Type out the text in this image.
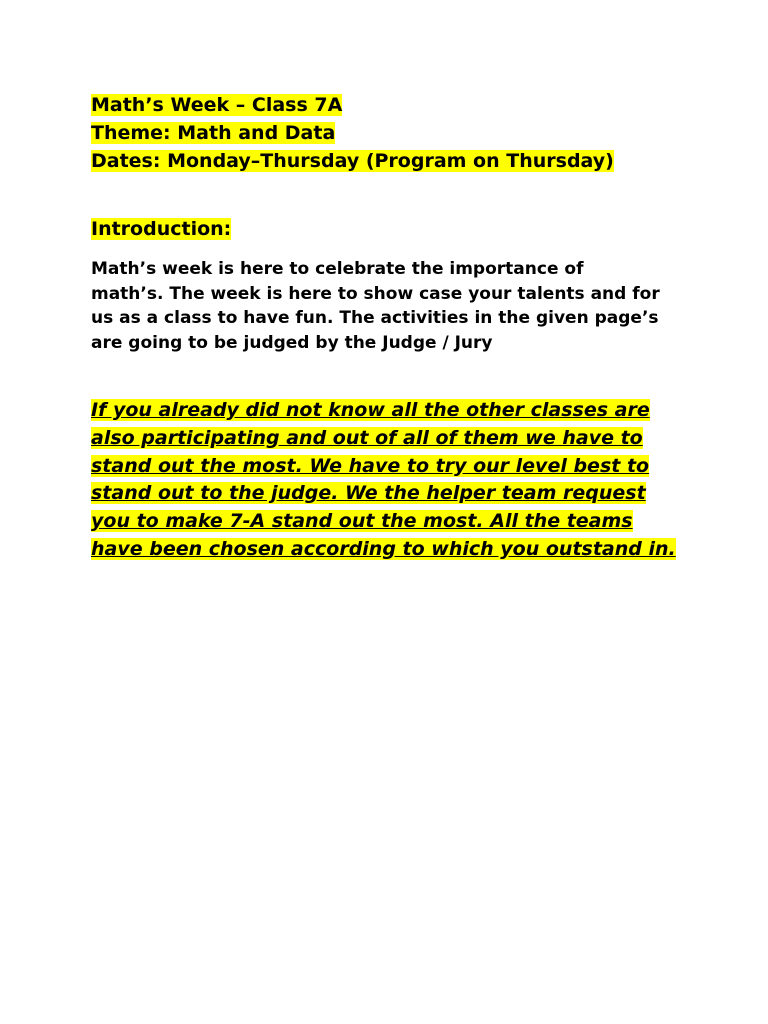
Math’s Week – Class 7A

Theme: Math and Data

Dates: Monday–Thursday (Program on Thursday)

Introduction:

Math’s week is here to celebrate the importance of math’s. The week is here to show case your talents and for us as a class to have fun. The activities in the given page’s are going to be judged by the Judge / Jury

If you already did not know all the other classes are also participating and out of all of them we have to stand out the most. We have to try our level best to stand out to the judge. We the helper team request you to make 7-A stand out the most. All the teams have been chosen according to which you outstand in.
